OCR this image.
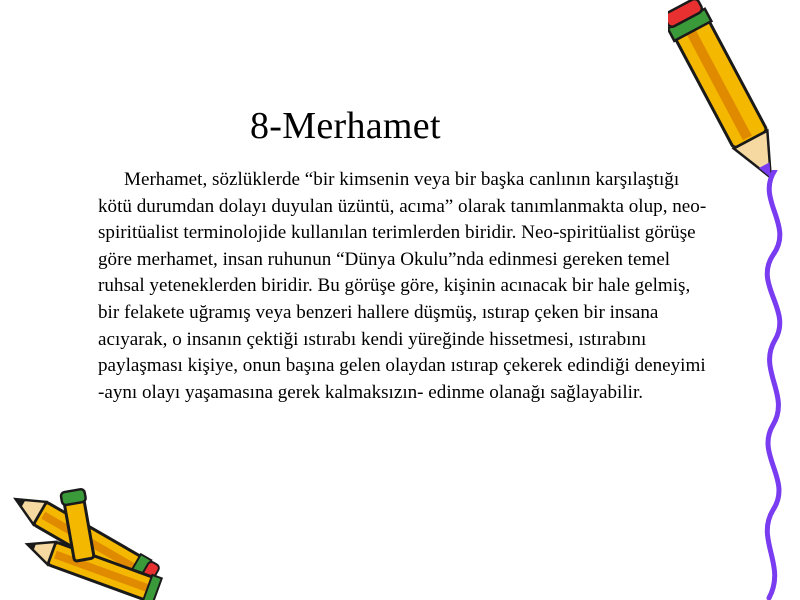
8-Merhamet

Merhamet, sözlüklerde “bir kimsenin veya bir başka canlının karşılaştığı kötü durumdan dolayı duyulan üzüntü, acıma” olarak tanımlanmakta olup, neo-spiritüalist terminolojide kullanılan terimlerden biridir. Neo-spiritüalist görüşe göre merhamet, insan ruhunun “Dünya Okulu”nda edinmesi gereken temel ruhsal yeteneklerden biridir. Bu görüşe göre, kişinin acınacak bir hale gelmiş, bir felakete uğramış veya benzeri hallere düşmüş, ıstırap çeken bir insana acıyarak, o insanın çektiği ıstırabı kendi yüreğinde hissetmesi, ıstırabını paylaşması kişiye, onun başına gelen olaydan ıstırap çekerek edindiği deneyimi -aynı olayı yaşamasına gerek kalmaksızın- edinme olanağı sağlayabilir.
